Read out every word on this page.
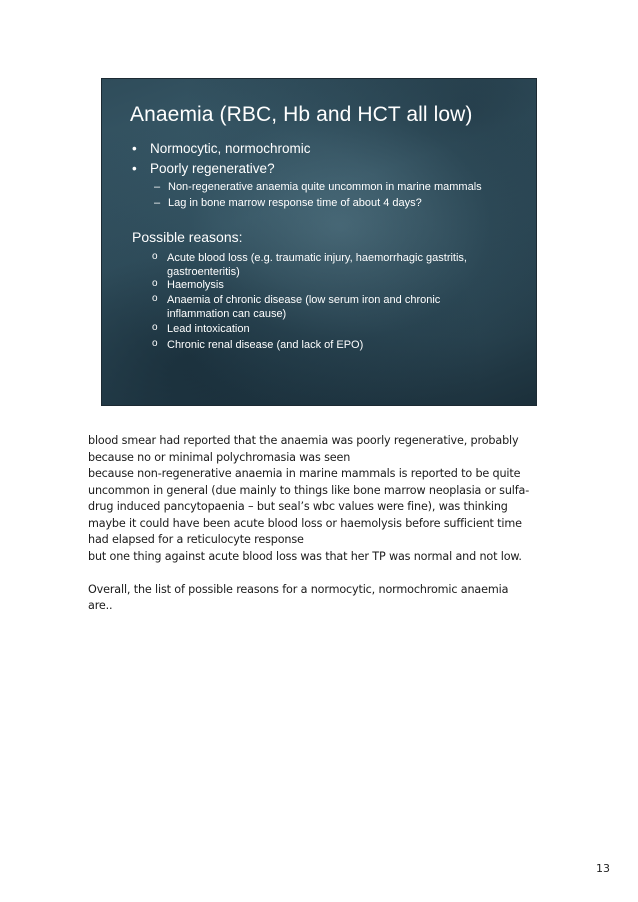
Anaemia (RBC, Hb and HCT all low)
• Normocytic, normochromic
• Poorly regenerative?
– Non-regenerative anaemia quite uncommon in marine mammals
– Lag in bone marrow response time of about 4 days?
Possible reasons:
o Acute blood loss (e.g. traumatic injury, haemorrhagic gastritis, gastroenteritis)
o Haemolysis
o Anaemia of chronic disease (low serum iron and chronic inflammation can cause)
o Lead intoxication
o Chronic renal disease (and lack of EPO)

blood smear had reported that the anaemia was poorly regenerative, probably

because no or minimal polychromasia was seen

because non-regenerative anaemia in marine mammals is reported to be quite

uncommon in general (due mainly to things like bone marrow neoplasia or sulfa-

drug induced pancytopaenia – but seal’s wbc values were fine), was thinking

maybe it could have been acute blood loss or haemolysis before sufficient time

had elapsed for a reticulocyte response

but one thing against acute blood loss was that her TP was normal and not low.

Overall, the list of possible reasons for a normocytic, normochromic anaemia

are..

13
